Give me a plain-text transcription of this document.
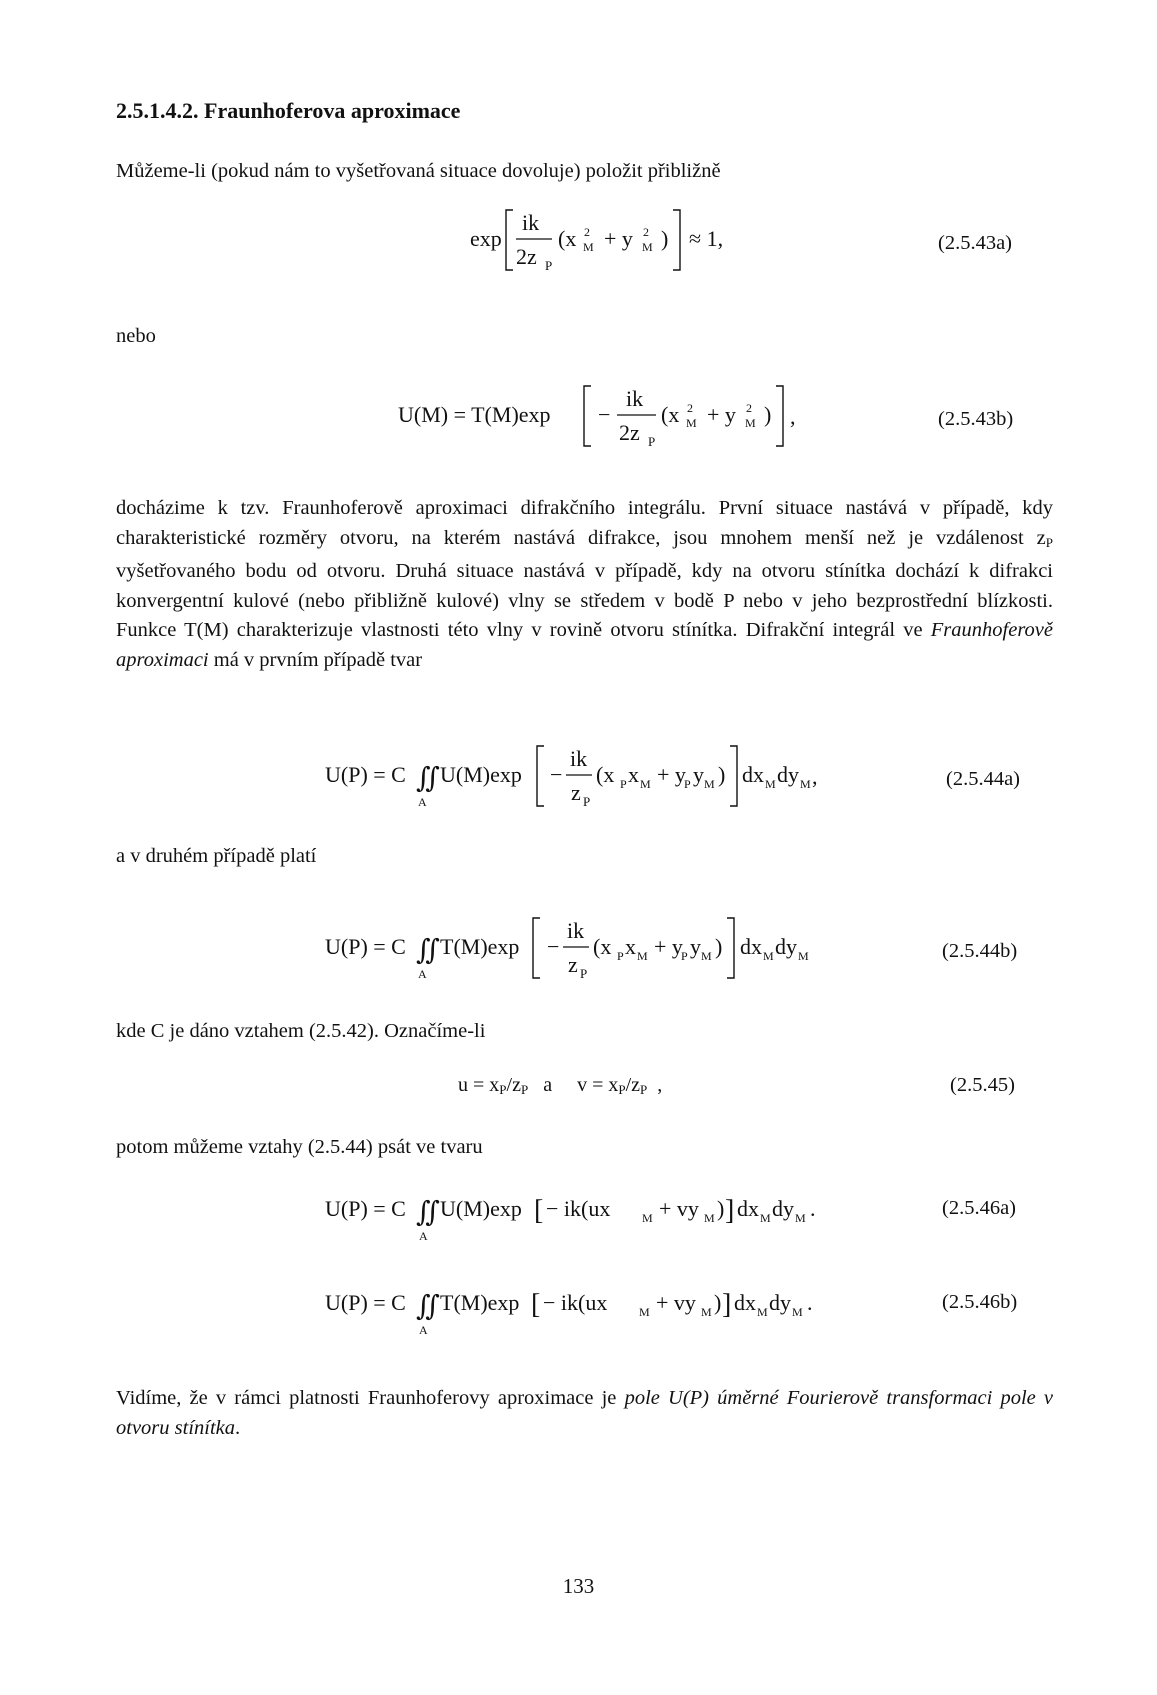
2.5.1.4.2. Fraunhoferova aproximace
Můžeme-li (pokud nám to vyšetřovaná situace dovoluje) položit přibližně
exp
ik
2z P
(x 2
M + y 2
M ) ≈ 1,	(2.5.43a)
nebo
U(M) = T(M)exp −
ik
2z P
(x 2
M + y 2
M ) ,	(2.5.43b)

docházime k tzv. Fraunhoferově aproximaci difrakčního integrálu. První situace nastává v případě, kdy charakteristické rozměry otvoru, na kterém nastává difrakce, jsou mnohem menší než je vzdálenost $z_P$ vyšetřovaného bodu od otvoru. Druhá situace nastává v případě, kdy na otvoru stínítka dochází k difrakci konvergentní kulové (nebo přibližně kulové) vlny se středem v bodě P nebo v jeho bezprostřední blízkosti. Funkce T(M) charakterizuje vlastnosti této vlny v rovině otvoru stínítka. Difrakční integrál ve Fraunhoferově aproximaci má v prvním případě tvar

U(P) = C ∬
A
U(M)exp −
ik
z P
(x P x M + y
P y M ) dx M dy M ,	(2.5.44a)
a v druhém případě platí
U(P) = C ∬
A
T(M)exp −
ik
z P
(x P x M + y
P y M ) dx M dy M	(2.5.44b)
kde C je dáno vztahem (2.5.42). Označíme-li
$u = x_P/z_P$ a $v = x_P/z_P$ ,	(2.5.45)
potom můžeme vztahy (2.5.44) psát ve tvaru
U(P) = C ∬
A
U(M)exp [ − ik(ux	M + vy M ) ] dx M dy M .	(2.5.46a)
U(P) = C ∬
A
T(M)exp [ − ik(ux	M + vy M ) ] dx M dy M .	(2.5.46b)

Vidíme, že v rámci platnosti Fraunhoferovy aproximace je pole U(P) úměrné Fourierově transformaci pole v otvoru stínítka.

133
